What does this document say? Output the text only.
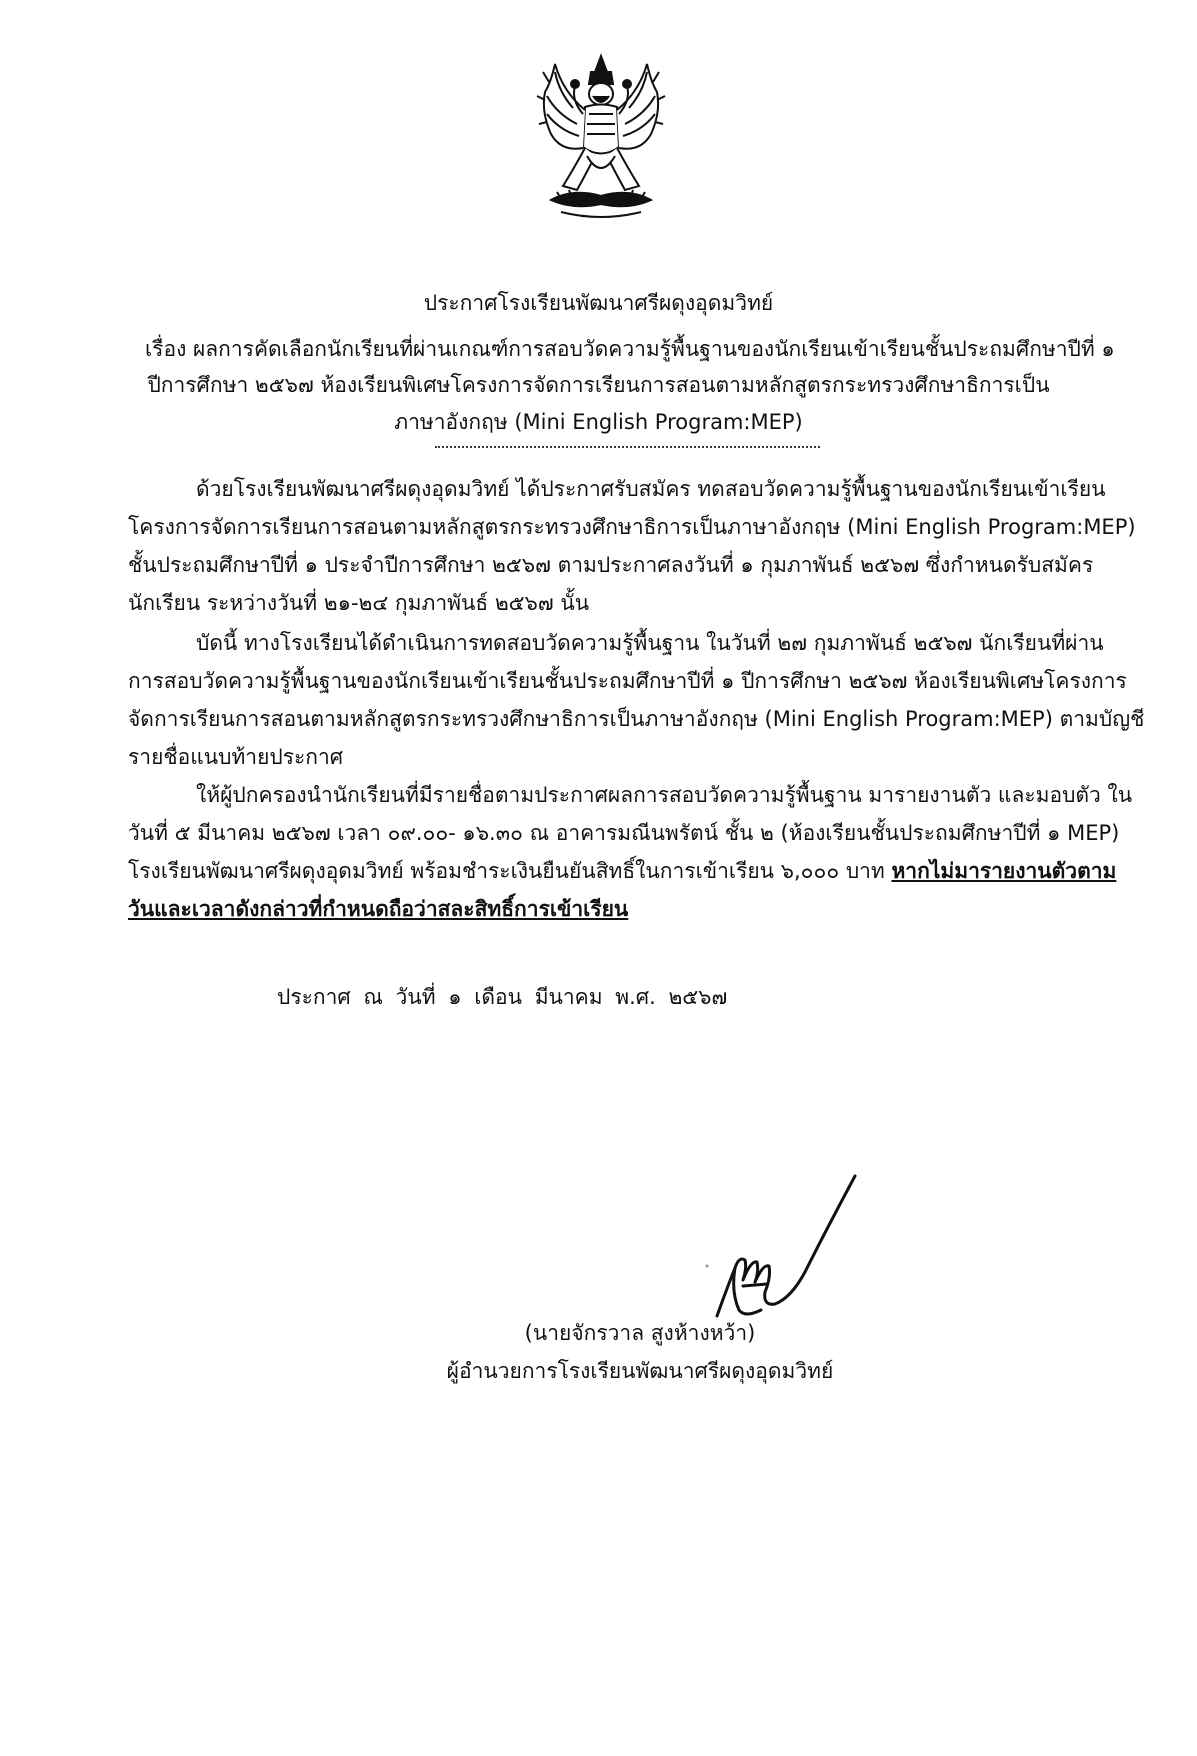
ประกาศโรงเรียนพัฒนาศรีผดุงอุดมวิทย์
เรื่อง ผลการคัดเลือกนักเรียนที่ผ่านเกณฑ์การสอบวัดความรู้พื้นฐานของนักเรียนเข้าเรียนชั้นประถมศึกษาปีที่ ๑
ปีการศึกษา ๒๕๖๗ ห้องเรียนพิเศษโครงการจัดการเรียนการสอนตามหลักสูตรกระทรวงศึกษาธิการเป็น
ภาษาอังกฤษ (Mini English Program:MEP)
ด้วยโรงเรียนพัฒนาศรีผดุงอุดมวิทย์ ได้ประกาศรับสมัคร ทดสอบวัดความรู้พื้นฐานของนักเรียนเข้าเรียน
โครงการจัดการเรียนการสอนตามหลักสูตรกระทรวงศึกษาธิการเป็นภาษาอังกฤษ (Mini English Program:MEP)
ชั้นประถมศึกษาปีที่ ๑ ประจำปีการศึกษา ๒๕๖๗ ตามประกาศลงวันที่ ๑ กุมภาพันธ์ ๒๕๖๗ ซึ่งกำหนดรับสมัคร
นักเรียน ระหว่างวันที่ ๒๑-๒๔ กุมภาพันธ์ ๒๕๖๗ นั้น
บัดนี้ ทางโรงเรียนได้ดำเนินการทดสอบวัดความรู้พื้นฐาน ในวันที่ ๒๗ กุมภาพันธ์ ๒๕๖๗ นักเรียนที่ผ่าน
การสอบวัดความรู้พื้นฐานของนักเรียนเข้าเรียนชั้นประถมศึกษาปีที่ ๑ ปีการศึกษา ๒๕๖๗ ห้องเรียนพิเศษโครงการ
จัดการเรียนการสอนตามหลักสูตรกระทรวงศึกษาธิการเป็นภาษาอังกฤษ (Mini English Program:MEP) ตามบัญชี
รายชื่อแนบท้ายประกาศ
ให้ผู้ปกครองนำนักเรียนที่มีรายชื่อตามประกาศผลการสอบวัดความรู้พื้นฐาน มารายงานตัว และมอบตัว ใน
วันที่ ๕ มีนาคม ๒๕๖๗ เวลา ๐๙.๐๐- ๑๖.๓๐ ณ อาคารมณีนพรัตน์ ชั้น ๒ (ห้องเรียนชั้นประถมศึกษาปีที่ ๑ MEP)
โรงเรียนพัฒนาศรีผดุงอุดมวิทย์ พร้อมชำระเงินยืนยันสิทธิ์ในการเข้าเรียน ๖,๐๐๐ บาท หากไม่มารายงานตัวตาม
วันและเวลาดังกล่าวที่กำหนดถือว่าสละสิทธิ์การเข้าเรียน
ประกาศ ณ วันที่ ๑ เดือน มีนาคม พ.ศ. ๒๕๖๗
(นายจักรวาล สูงห้างหว้า)
ผู้อำนวยการโรงเรียนพัฒนาศรีผดุงอุดมวิทย์
